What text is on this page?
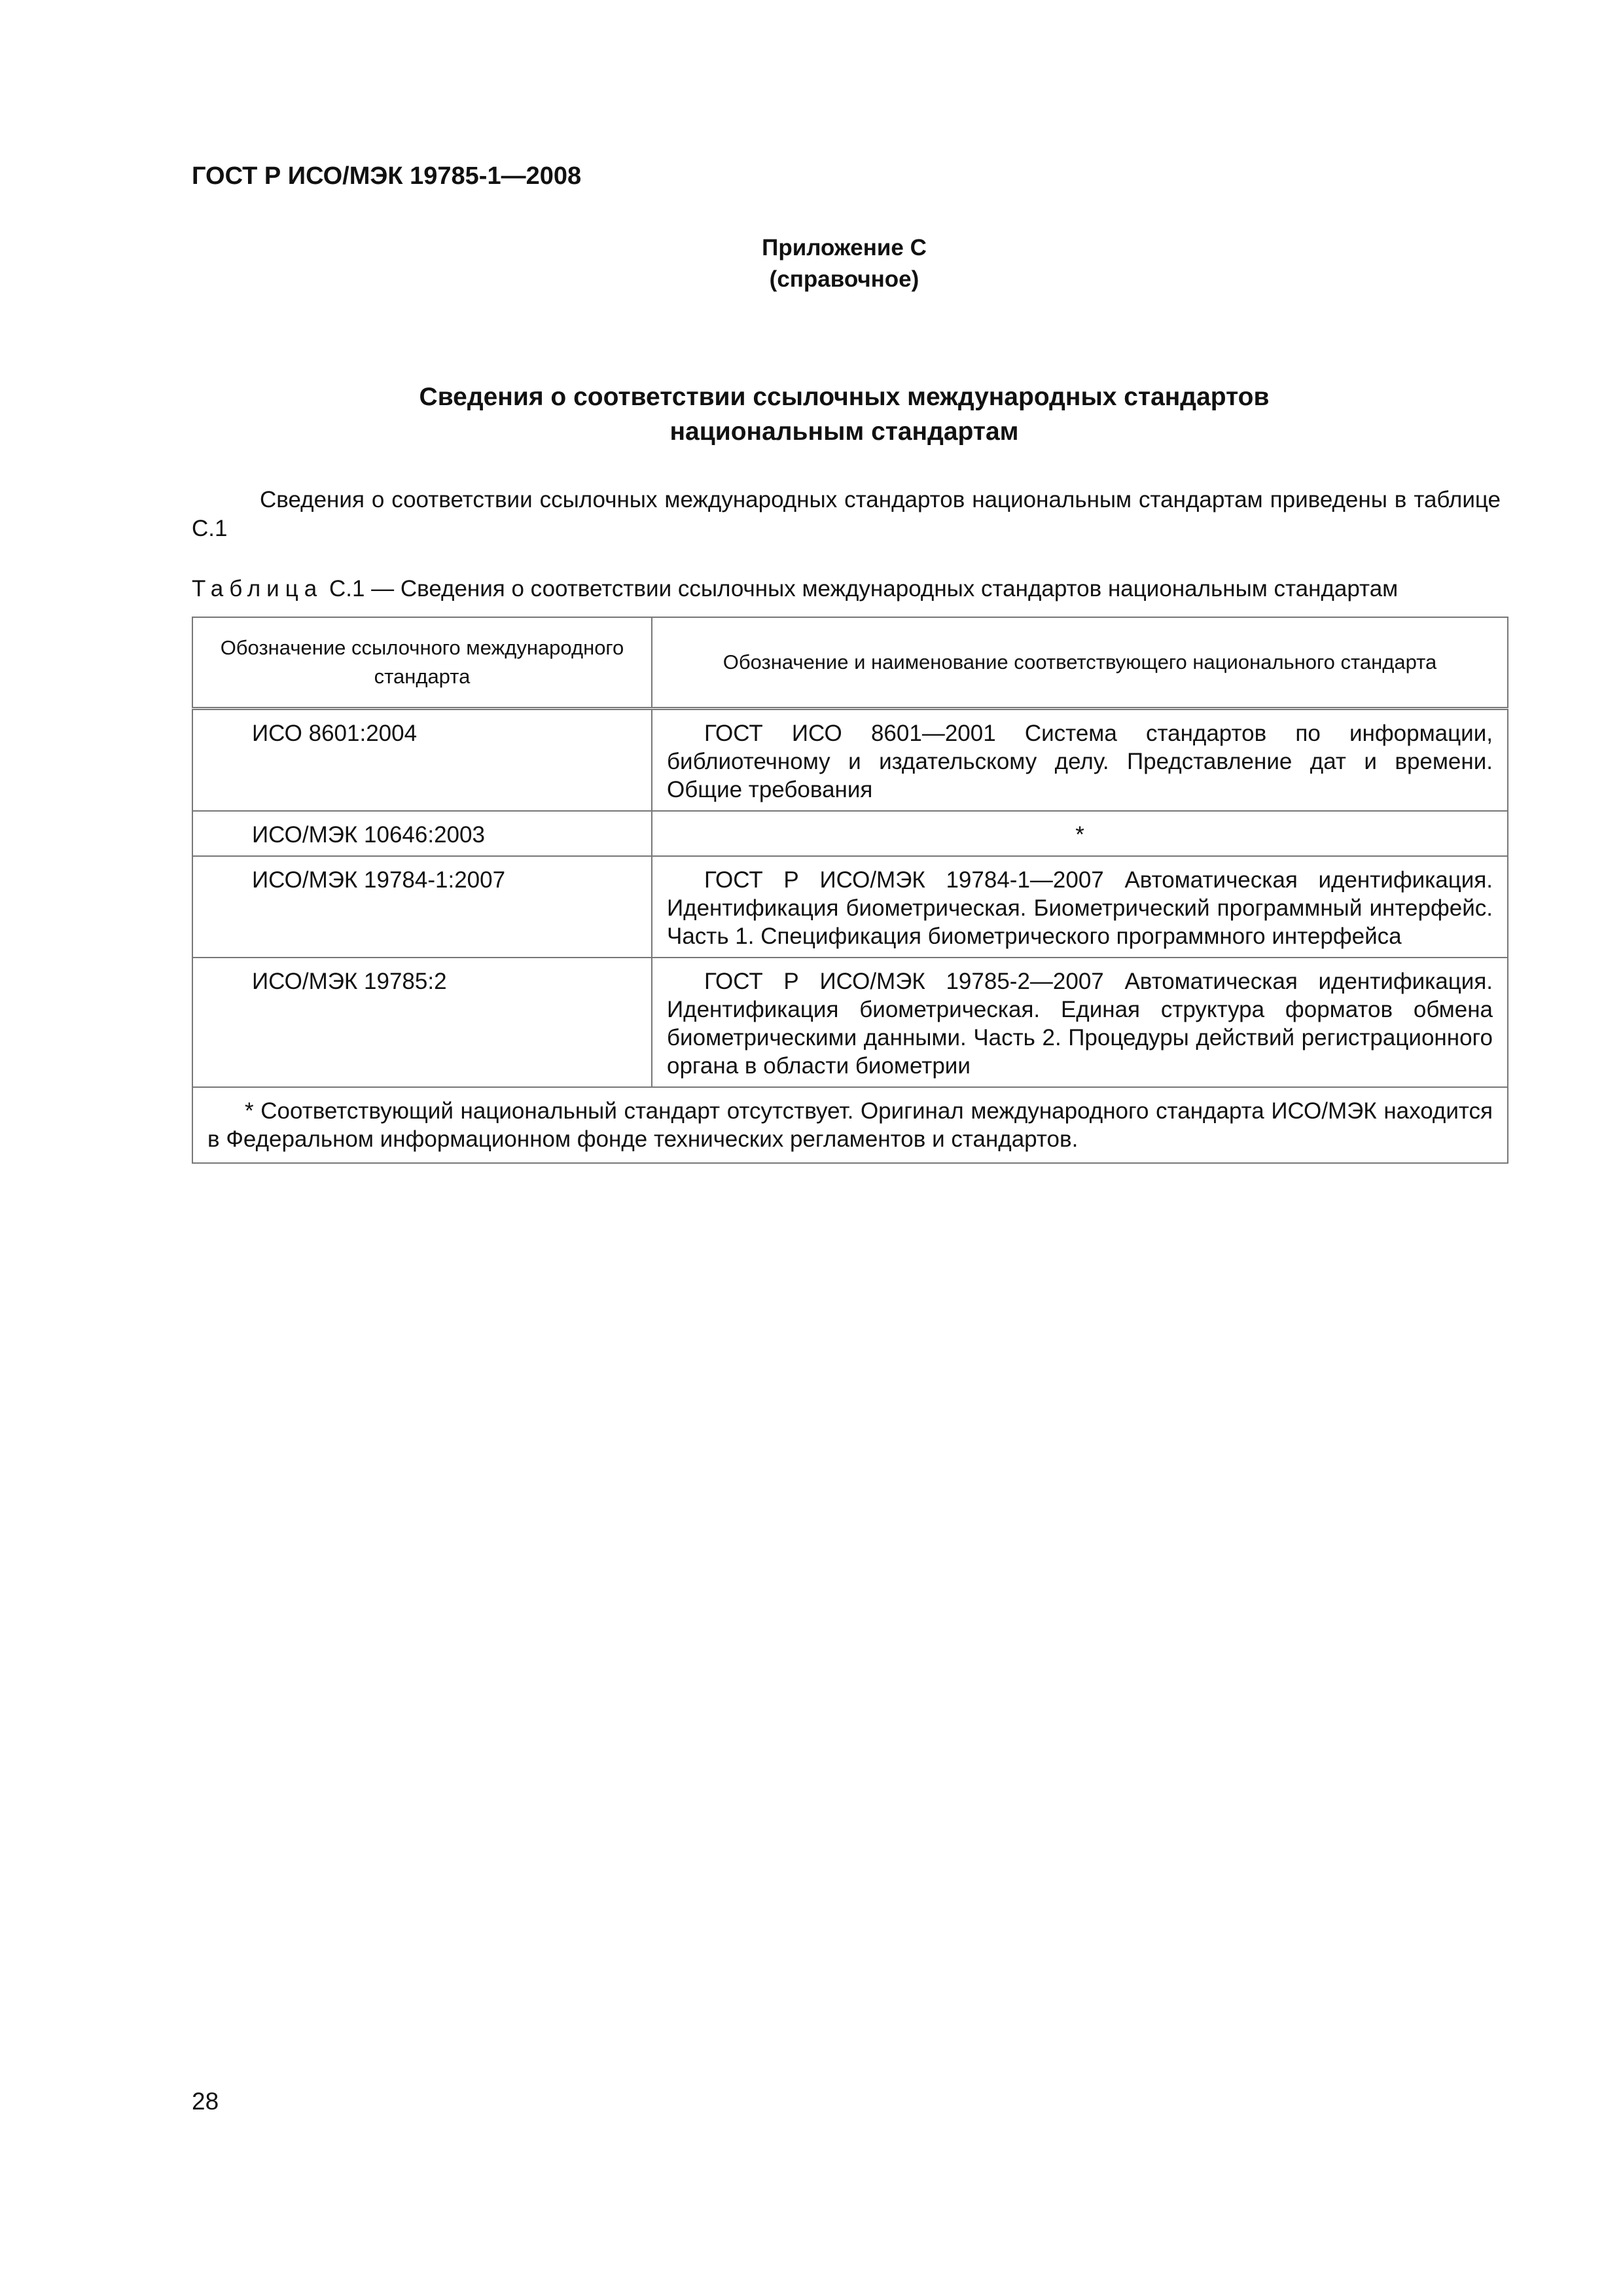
ГОСТ Р ИСО/МЭК 19785-1—2008
Приложение С
(справочное)
Сведения о соответствии ссылочных международных стандартов
национальным стандартам
Сведения о соответствии ссылочных международных стандартов национальным стандартам приведены в таблице С.1
Таблица С.1 — Сведения о соответствии ссылочных международных стандартов национальным стандартам
Обозначение ссылочного международного стандарта	Обозначение и наименование соответствующего национального стандарта
ИСО 8601:2004	ГОСТ ИСО 8601—2001 Система стандартов по информации, библиотечному и издательскому делу. Представление дат и времени. Общие требования

ИСО/МЭК 10646:2003	*
ИСО/МЭК 19784-1:2007	ГОСТ Р ИСО/МЭК 19784-1—2007 Автоматическая идентификация. Идентификация биометрическая. Биометрический программный интерфейс. Часть 1. Спецификация биометрического программного интерфейса

ИСО/МЭК 19785:2	ГОСТ Р ИСО/МЭК 19785-2—2007 Автоматическая идентификация. Идентификация биометрическая. Единая структура форматов обмена биометрическими данными. Часть 2. Процедуры действий регистрационного органа в области биометрии

* Соответствующий национальный стандарт отсутствует. Оригинал международного стандарта ИСО/МЭК находится в Федеральном информационном фонде технических регламентов и стандартов.	
28
